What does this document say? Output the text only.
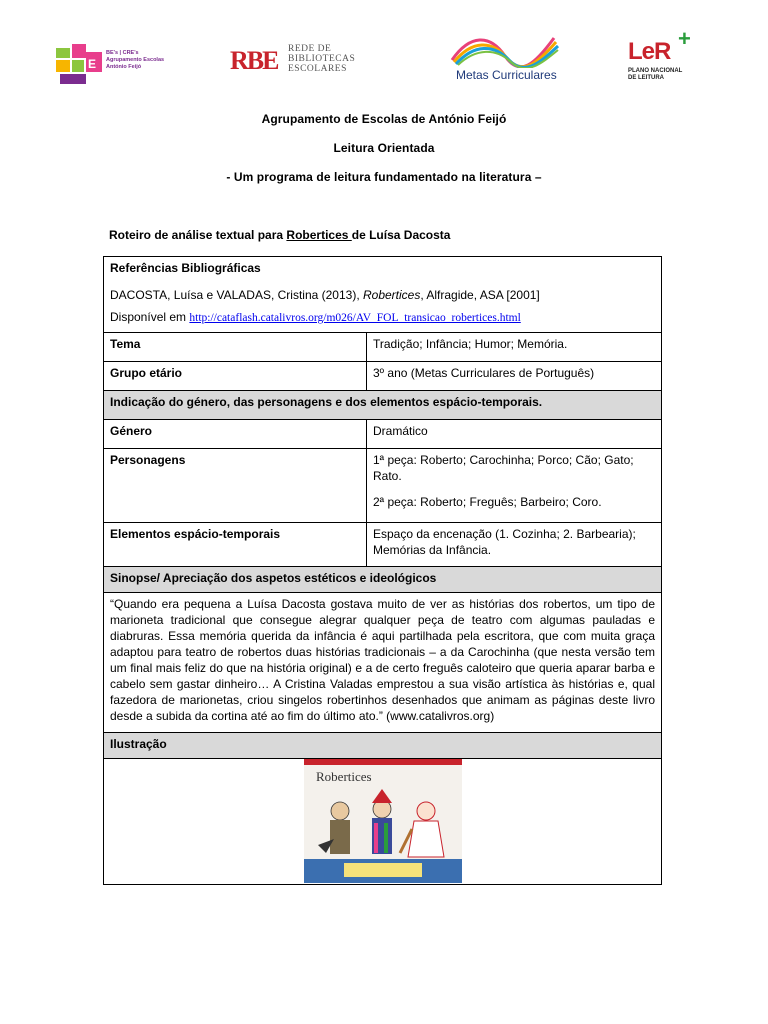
E
BE's | CRE's
Agrupamento Escolas
António Feijó	RBE REDE DE
BIBLIOTECAS
ESCOLARES	Metas Curriculares
LeR +
PLANO NACIONAL
DE LEITURA
Agrupamento de Escolas de António Feijó
Leitura Orientada
- Um programa de leitura fundamentado na literatura –
Roteiro de análise textual para Robertices de Luísa Dacosta
Referências Bibliográficas
DACOSTA, Luísa e VALADAS, Cristina (2013), Robertices, Alfragide, ASA [2001]
Disponível em http://cataflash.catalivros.org/m026/AV_FOL_transicao_robertices.html	

Tema	Tradição; Infância; Humor; Memória.
Grupo etário	3º ano (Metas Curriculares de Português)
Indicação do género, das personagens e dos elementos espácio-temporais.	
Género	Dramático
Personagens	1ª peça: Roberto; Carochinha; Porco; Cão; Gato; Rato.
2ª peça: Roberto; Freguês; Barbeiro; Coro.

Elementos espácio-temporais	Espaço da encenação (1. Cozinha; 2. Barbearia); Memórias da Infância.
Sinopse/ Apreciação dos aspetos estéticos e ideológicos	
“Quando era pequena a Luísa Dacosta gostava muito de ver as histórias dos robertos, um tipo de marioneta tradicional que consegue alegrar qualquer peça de teatro com algumas pauladas e diabruras. Essa memória querida da infância é aqui partilhada pela escritora, que com muita graça adaptou para teatro de robertos duas histórias tradicionais – a da Carochinha (que nesta versão tem um final mais feliz do que na história original) e a de certo freguês caloteiro que queria aparar barba e cabelo sem gastar dinheiro… A Cristina Valadas emprestou a sua visão artística às histórias e, qual fazedora de marionetas, criou singelos robertinhos desenhados que animam as páginas deste livro desde a subida da cortina até ao fim do último ato.” (www.catalivros.org)	
Ilustração	

Robertices	
